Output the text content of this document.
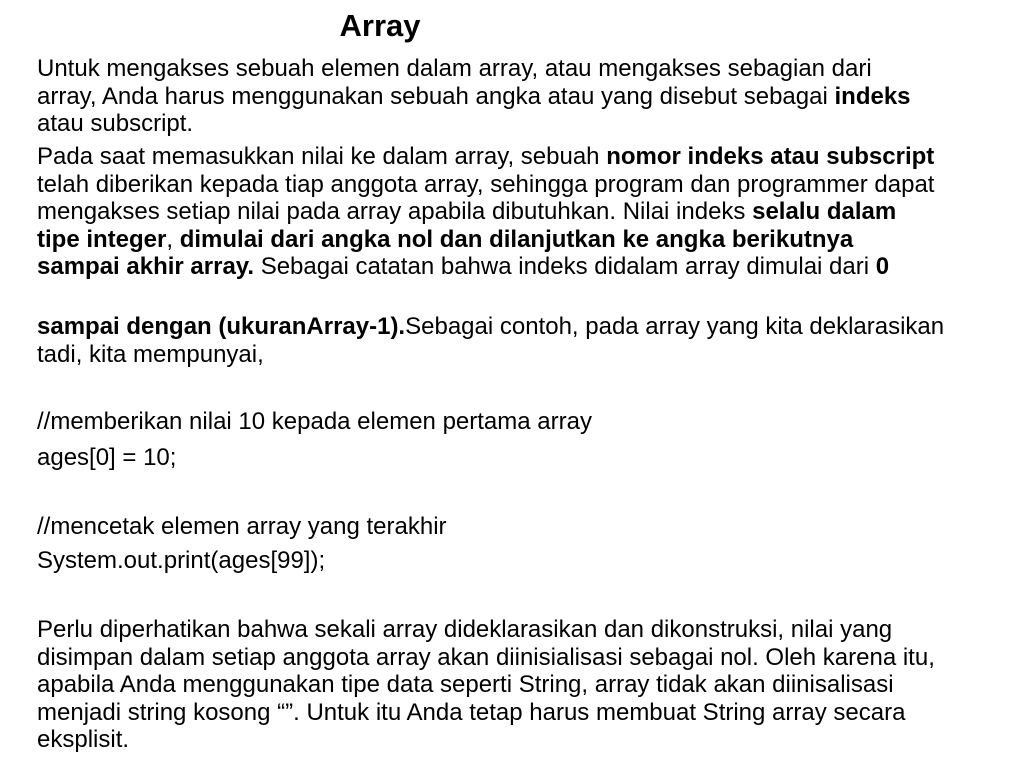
Array

Untuk mengakses sebuah elemen dalam array, atau mengakses sebagian dari array, Anda harus menggunakan sebuah angka atau yang disebut sebagai indeks atau subscript.

Pada saat memasukkan nilai ke dalam array, sebuah nomor indeks atau subscript telah diberikan kepada tiap anggota array, sehingga program dan programmer dapat mengakses setiap nilai pada array apabila dibutuhkan. Nilai indeks selalu dalam tipe integer, dimulai dari angka nol dan dilanjutkan ke angka berikutnya sampai akhir array. Sebagai catatan bahwa indeks didalam array dimulai dari 0

sampai dengan (ukuranArray-1).Sebagai contoh, pada array yang kita deklarasikan tadi, kita mempunyai,

//memberikan nilai 10 kepada elemen pertama array
ages[0] = 10;
//mencetak elemen array yang terakhir
System.out.print(ages[99]);

Perlu diperhatikan bahwa sekali array dideklarasikan dan dikonstruksi, nilai yang disimpan dalam setiap anggota array akan diinisialisasi sebagai nol. Oleh karena itu, apabila Anda menggunakan tipe data seperti String, array tidak akan diinisalisasi menjadi string kosong “”. Untuk itu Anda tetap harus membuat String array secara eksplisit.
